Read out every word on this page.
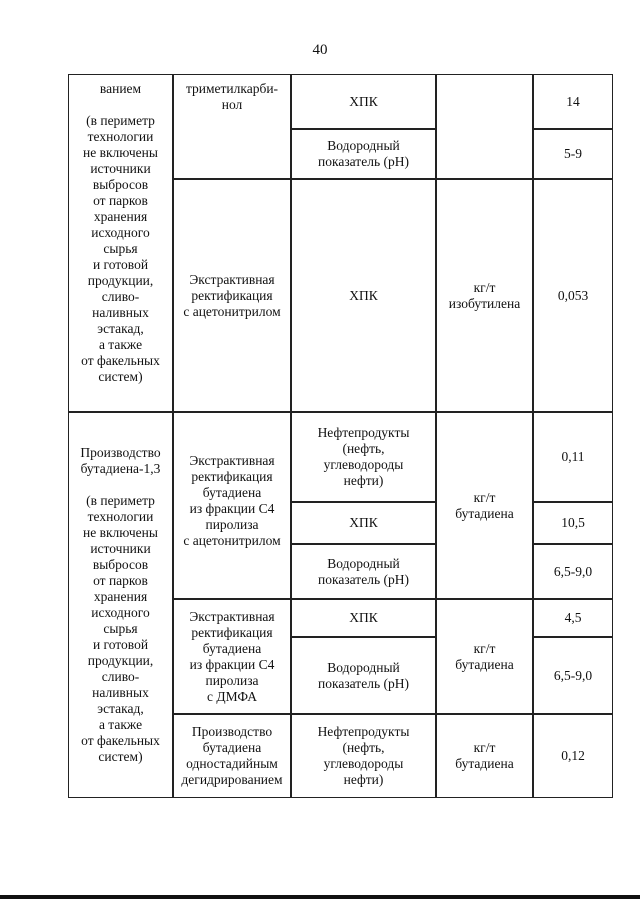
40
ванием

(в периметр
технологии
не включены
источники
выбросов
от парков
хранения
исходного
сырья
и готовой
продукции,
сливо-
наливных
эстакад,
а также
от факельных
систем)
Производство
бутадиена-1,3

(в периметр
технологии
не включены
источники
выбросов
от парков
хранения
исходного
сырья
и готовой
продукции,
сливо-
наливных
эстакад,
а также
от факельных
систем)
триметилкарби-
нол
Экстрактивная
ректификация
с ацетонитрилом
Экстрактивная
ректификация
бутадиена
из фракции С4
пиролиза
с ацетонитрилом
Экстрактивная
ректификация
бутадиена
из фракции С4
пиролиза
с ДМФА
Производство
бутадиена
одностадийным
дегидрированием
ХПК
Водородный
показатель (рН)
ХПК
Нефтепродукты
(нефть,
углеводороды
нефти)
ХПК
Водородный
показатель (рН)
ХПК
Водородный
показатель (рН)
Нефтепродукты
(нефть,
углеводороды
нефти)
кг/т
изобутилена
кг/т
бутадиена
кг/т
бутадиена
кг/т
бутадиена
14
5-9
0,053
0,11
10,5
6,5-9,0
4,5
6,5-9,0
0,12
